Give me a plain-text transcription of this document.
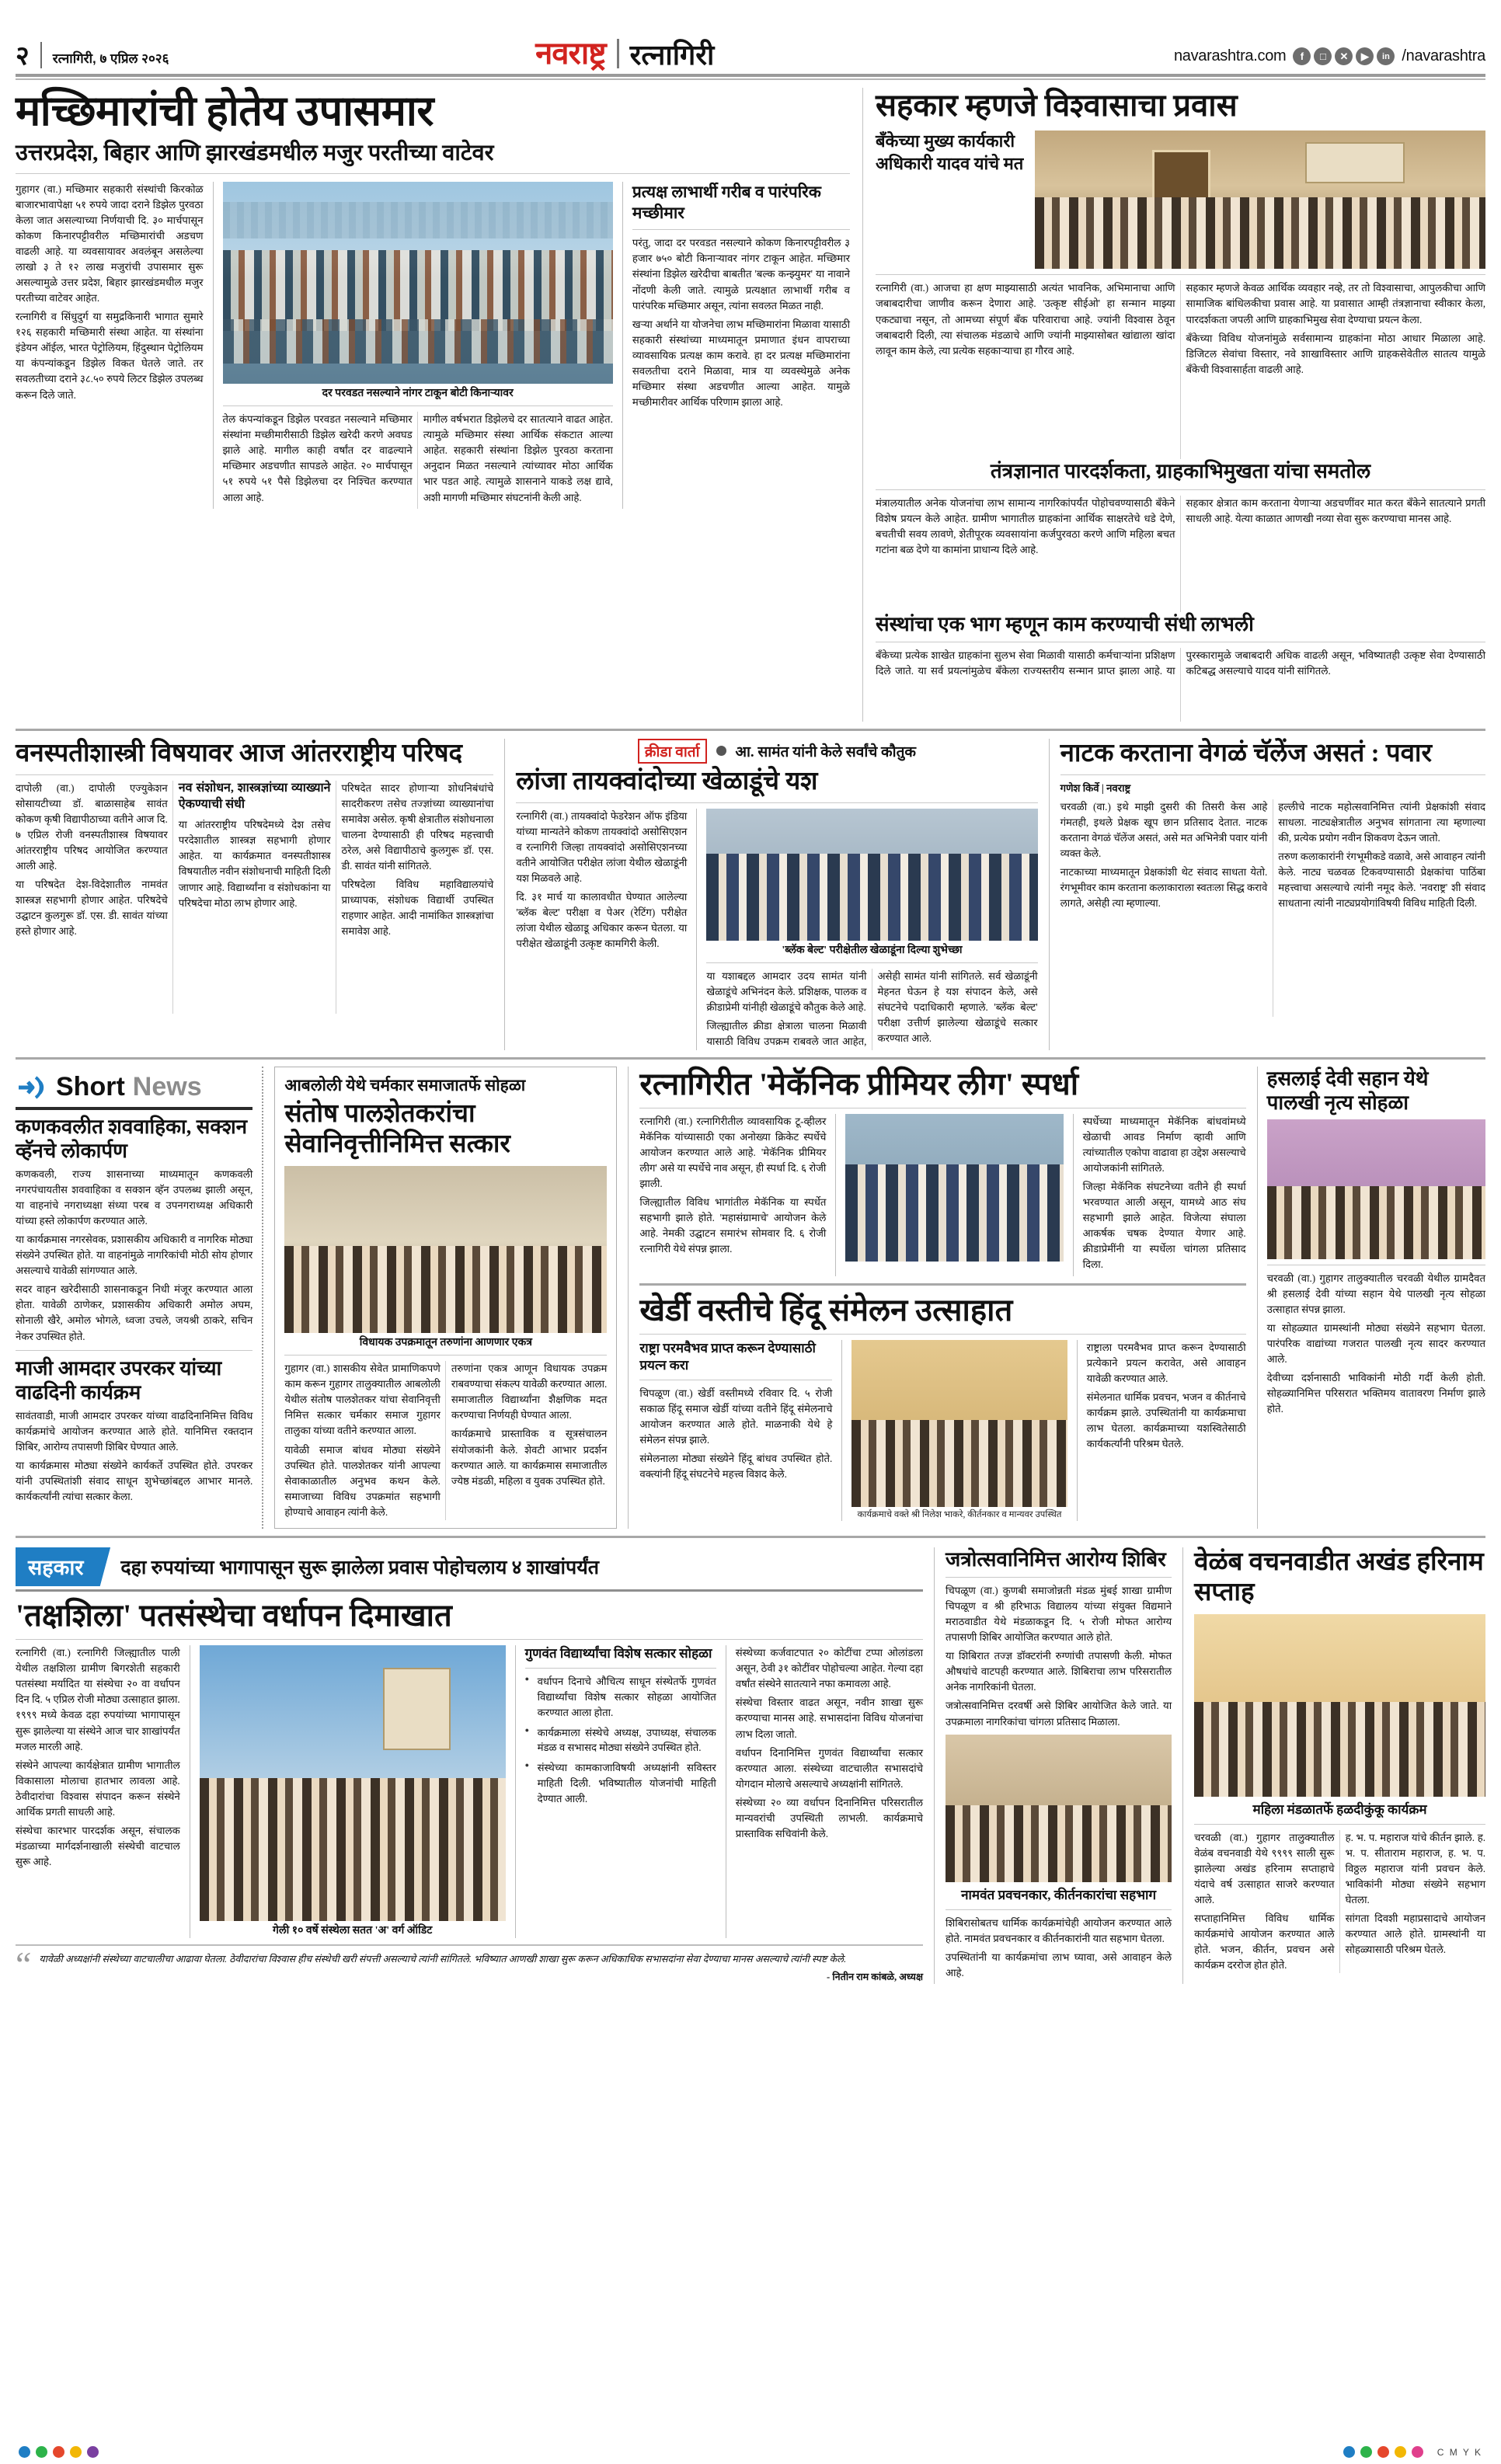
२ रत्नागिरी, ७ एप्रिल २०२६	नवराष्ट्र रत्नागिरी	navarashtra.com	f	□	✕	▶	in /navarashtra
मच्छिमारांची होतेय उपासमार
उत्तरप्रदेश, बिहार आणि झारखंडमधील मजुर परतीच्या वाटेवर

गुहागर (वा.) मच्छिमार सहकारी संस्थांची किरकोळ बाजारभावापेक्षा ५१ रुपये जादा दराने डिझेल पुरवठा केला जात असल्याच्या निर्णयाची दि. ३० मार्चपासून कोकण किनारपट्टीवरील मच्छिमारांची अडचण वाढली आहे. या व्यवसायावर अवलंबून असलेल्या लाखो ३ ते १२ लाख मजुरांची उपासमार सुरू असल्यामुळे उत्तर प्रदेश, बिहार झारखंडमधील मजुर परतीच्या वाटेवर आहेत.

रत्नागिरी व सिंधुदुर्ग या समुद्रकिनारी भागात सुमारे १२६ सहकारी मच्छिमारी संस्था आहेत. या संस्थांना इंडेयन ऑईल, भारत पेट्रोलियम, हिंदुस्थान पेट्रोलियम या कंपन्यांकडून डिझेल विकत घेतले जाते. तर सवलतीच्या दराने ३८.५० रुपये लिटर डिझेल उपलब्ध करून दिले जाते.	दर परवडत नसल्याने नांगर टाकून बोटी किनाऱ्यावर

तेल कंपन्यांकडून डिझेल परवडत नसल्याने मच्छिमार संस्थांना मच्छीमारीसाठी डिझेल खरेदी करणे अवघड झाले आहे. मागील काही वर्षांत दर वाढल्याने मच्छिमार अडचणीत सापडले आहेत. २० मार्चपासून ५१ रुपये ५१ पैसे डिझेलचा दर निश्चित करण्यात आला आहे.

मागील वर्षभरात डिझेलचे दर सातत्याने वाढत आहेत. त्यामुळे मच्छिमार संस्था आर्थिक संकटात आल्या आहेत. सहकारी संस्थांना डिझेल पुरवठा करताना अनुदान मिळत नसल्याने त्यांच्यावर मोठा आर्थिक भार पडत आहे. त्यामुळे शासनाने याकडे लक्ष द्यावे, अशी मागणी मच्छिमार संघटनांनी केली आहे.

प्रत्यक्ष लाभार्थी गरीब व पारंपरिक मच्छीमार

परंतु, जादा दर परवडत नसल्याने कोकण किनारपट्टीवरील ३ हजार ७५० बोटी किनाऱ्यावर नांगर टाकून आहेत. मच्छिमार संस्थांना डिझेल खरेदीचा बाबतीत 'बल्क कन्झ्युमर' या नावाने नोंदणी केली जाते. त्यामुळे प्रत्यक्षात लाभार्थी गरीब व पारंपरिक मच्छिमार असून, त्यांना सवलत मिळत नाही.

खऱ्या अर्थाने या योजनेचा लाभ मच्छिमारांना मिळावा यासाठी सहकारी संस्थांच्या माध्यमातून प्रमाणात इंधन वापराच्या व्यावसायिक प्रत्यक्ष काम करावे. हा दर प्रत्यक्ष मच्छिमारांना सवलतीचा दराने मिळावा, मात्र या व्यवस्थेमुळे अनेक मच्छिमार संस्था अडचणीत आल्या आहेत. यामुळे मच्छीमारीवर आर्थिक परिणाम झाला आहे.

सहकार म्हणजे विश्वासाचा प्रवास
बँकेच्या मुख्य कार्यकारी अधिकारी यादव यांचे मत

रत्नागिरी (वा.) आजचा हा क्षण माझ्यासाठी अत्यंत भावनिक, अभिमानाचा आणि जबाबदारीचा जाणीव करून देणारा आहे. 'उत्कृष्ट सीईओ' हा सन्मान माझ्या एकट्याचा नसून, तो आमच्या संपूर्ण बँक परिवाराचा आहे. ज्यांनी विश्वास ठेवून जबाबदारी दिली, त्या संचालक मंडळाचे आणि ज्यांनी माझ्यासोबत खांद्याला खांदा लावून काम केले, त्या प्रत्येक सहकाऱ्याचा हा गौरव आहे.

सहकार म्हणजे केवळ आर्थिक व्यवहार नव्हे, तर तो विश्वासाचा, आपुलकीचा आणि सामाजिक बांधिलकीचा प्रवास आहे. या प्रवासात आम्ही तंत्रज्ञानाचा स्वीकार केला, पारदर्शकता जपली आणि ग्राहकाभिमुख सेवा देण्याचा प्रयत्न केला.

बँकेच्या विविध योजनांमुळे सर्वसामान्य ग्राहकांना मोठा आधार मिळाला आहे. डिजिटल सेवांचा विस्तार, नवे शाखाविस्तार आणि ग्राहकसेवेतील सातत्य यामुळे बँकेची विश्वासार्हता वाढली आहे.

तंत्रज्ञानात पारदर्शकता, ग्राहकाभिमुखता यांचा समतोल

मंत्रालयातील अनेक योजनांचा लाभ सामान्य नागरिकांपर्यंत पोहोचवण्यासाठी बँकेने विशेष प्रयत्न केले आहेत. ग्रामीण भागातील ग्राहकांना आर्थिक साक्षरतेचे धडे देणे, बचतीची सवय लावणे, शेतीपूरक व्यवसायांना कर्जपुरवठा करणे आणि महिला बचत गटांना बळ देणे या कामांना प्राधान्य दिले आहे.

सहकार क्षेत्रात काम करताना येणाऱ्या अडचणींवर मात करत बँकेने सातत्याने प्रगती साधली आहे. येत्या काळात आणखी नव्या सेवा सुरू करण्याचा मानस आहे.

संस्थांचा एक भाग म्हणून काम करण्याची संधी लाभली

बँकेच्या प्रत्येक शाखेत ग्राहकांना सुलभ सेवा मिळावी यासाठी कर्मचाऱ्यांना प्रशिक्षण दिले जाते. या सर्व प्रयत्नांमुळेच बँकेला राज्यस्तरीय सन्मान प्राप्त झाला आहे. या पुरस्कारामुळे जबाबदारी अधिक वाढली असून, भविष्यातही उत्कृष्ट सेवा देण्यासाठी कटिबद्ध असल्याचे यादव यांनी सांगितले.

वनस्पतीशास्त्री विषयावर आज आंतरराष्ट्रीय परिषद

दापोली (वा.) दापोली एज्युकेशन सोसायटीच्या डॉ. बाळासाहेब सावंत कोकण कृषी विद्यापीठाच्या वतीने आज दि. ७ एप्रिल रोजी वनस्पतीशास्त्र विषयावर आंतरराष्ट्रीय परिषद आयोजित करण्यात आली आहे.

या परिषदेत देश-विदेशातील नामवंत शास्त्रज्ञ सहभागी होणार आहेत. परिषदेचे उद्घाटन कुलगुरू डॉ. एस. डी. सावंत यांच्या हस्ते होणार आहे.

नव संशोधन, शास्त्रज्ञांच्या व्याख्याने ऐकण्याची संधी

या आंतरराष्ट्रीय परिषदेमध्ये देश तसेच परदेशातील शास्त्रज्ञ सहभागी होणार आहेत. या कार्यक्रमात वनस्पतीशास्त्र विषयातील नवीन संशोधनाची माहिती दिली जाणार आहे. विद्यार्थ्यांना व संशोधकांना या परिषदेचा मोठा लाभ होणार आहे.

परिषदेत सादर होणाऱ्या शोधनिबंधांचे सादरीकरण तसेच तज्ज्ञांच्या व्याख्यानांचा समावेश असेल. कृषी क्षेत्रातील संशोधनाला चालना देण्यासाठी ही परिषद महत्त्वाची ठरेल, असे विद्यापीठाचे कुलगुरू डॉ. एस. डी. सावंत यांनी सांगितले.

परिषदेला विविध महाविद्यालयांचे प्राध्यापक, संशोधक विद्यार्थी उपस्थित राहणार आहेत. आदी नामांकित शास्त्रज्ञांचा समावेश आहे.

क्रीडा वार्ता आ. सामंत यांनी केले सर्वांचे कौतुक
लांजा तायक्वांदोच्या खेळाडूंचे यश

रत्नागिरी (वा.) तायक्वांदो फेडरेशन ऑफ इंडिया यांच्या मान्यतेने कोकण तायक्वांदो असोसिएशन व रत्नागिरी जिल्हा तायक्वांदो असोसिएशनच्या वतीने आयोजित परीक्षेत लांजा येथील खेळाडूंनी यश मिळवले आहे.

दि. ३१ मार्च या कालावधीत घेण्यात आलेल्या 'ब्लॅक बेल्ट' परीक्षा व पेअर (रेटिंग) परीक्षेत लांजा येथील खेळाडू अधिकार करून घेतला. या परीक्षेत खेळाडूंनी उत्कृष्ट कामगिरी केली.

'ब्लॅक बेल्ट' परीक्षेतील खेळाडूंना दिल्या शुभेच्छा

या यशाबद्दल आमदार उदय सामंत यांनी खेळाडूंचे अभिनंदन केले. प्रशिक्षक, पालक व क्रीडाप्रेमी यांनीही खेळाडूंचे कौतुक केले आहे.

जिल्ह्यातील क्रीडा क्षेत्राला चालना मिळावी यासाठी विविध उपक्रम राबवले जात आहेत, असेही सामंत यांनी सांगितले. सर्व खेळाडूंनी मेहनत घेऊन हे यश संपादन केले, असे संघटनेचे पदाधिकारी म्हणाले. 'ब्लॅक बेल्ट' परीक्षा उत्तीर्ण झालेल्या खेळाडूंचे सत्कार करण्यात आले.

नाटक करताना वेगळं चॅलेंज असतं : पवार
गणेश किर्वे | नवराष्ट्र

चरवळी (वा.) इथे माझी दुसरी की तिसरी केस आहे गंमतही, इथले प्रेक्षक खूप छान प्रतिसाद देतात. नाटक करताना वेगळं चॅलेंज असतं, असे मत अभिनेत्री पवार यांनी व्यक्त केले.

नाटकाच्या माध्यमातून प्रेक्षकांशी थेट संवाद साधता येतो. रंगभूमीवर काम करताना कलाकाराला स्वतःला सिद्ध करावे लागते, असेही त्या म्हणाल्या.

हल्लीचे नाटक महोत्सवानिमित्त त्यांनी प्रेक्षकांशी संवाद साधला. नाट्यक्षेत्रातील अनुभव सांगताना त्या म्हणाल्या की, प्रत्येक प्रयोग नवीन शिकवण देऊन जातो.

तरुण कलाकारांनी रंगभूमीकडे वळावे, असे आवाहन त्यांनी केले. नाट्य चळवळ टिकवण्यासाठी प्रेक्षकांचा पाठिंबा महत्त्वाचा असल्याचे त्यांनी नमूद केले. 'नवराष्ट्र' शी संवाद साधताना त्यांनी नाट्यप्रयोगांविषयी विविध माहिती दिली.

Short News
कणकवलीत शववाहिका, सक्शन व्हॅनचे लोकार्पण

कणकवली, राज्य शासनाच्या माध्यमातून कणकवली नगरपंचायतीस शववाहिका व सक्शन व्हॅन उपलब्ध झाली असून, या वाहनांचे नगराध्यक्षा संध्या परब व उपनगराध्यक्ष अधिकारी यांच्या हस्ते लोकार्पण करण्यात आले.

या कार्यक्रमास नगरसेवक, प्रशासकीय अधिकारी व नागरिक मोठ्या संख्येने उपस्थित होते. या वाहनांमुळे नागरिकांची मोठी सोय होणार असल्याचे यावेळी सांगण्यात आले.

सदर वाहन खरेदीसाठी शासनाकडून निधी मंजूर करण्यात आला होता. यावेळी ठाणेकर, प्रशासकीय अधिकारी अमोल अघम, सोनाली खैरे, अमोल भोगले, ध्वजा उचले, जयश्री ठाकरे, सचिन नेकर उपस्थित होते.

माजी आमदार उपरकर यांच्या वाढदिनी कार्यक्रम

सावंतवाडी, माजी आमदार उपरकर यांच्या वाढदिनानिमित्त विविध कार्यक्रमांचे आयोजन करण्यात आले होते. यानिमित्त रक्तदान शिबिर, आरोग्य तपासणी शिबिर घेण्यात आले.

या कार्यक्रमास मोठ्या संख्येने कार्यकर्ते उपस्थित होते. उपरकर यांनी उपस्थितांशी संवाद साधून शुभेच्छांबद्दल आभार मानले. कार्यकर्त्यांनी त्यांचा सत्कार केला.

आबलोली येथे चर्मकार समाजातर्फे सोहळा
संतोष पालशेतकरांचा सेवानिवृत्तीनिमित्त सत्कार
विधायक उपक्रमातून तरुणांना आणणार एकत्र

गुहागर (वा.) शासकीय सेवेत प्रामाणिकपणे काम करून गुहागर तालुक्यातील आबलोली येथील संतोष पालशेतकर यांचा सेवानिवृत्ती निमित्त सत्कार चर्मकार समाज गुहागर तालुका यांच्या वतीने करण्यात आला.

यावेळी समाज बांधव मोठ्या संख्येने उपस्थित होते. पालशेतकर यांनी आपल्या सेवाकाळातील अनुभव कथन केले. समाजाच्या विविध उपक्रमांत सहभागी होण्याचे आवाहन त्यांनी केले.

तरुणांना एकत्र आणून विधायक उपक्रम राबवण्याचा संकल्प यावेळी करण्यात आला. समाजातील विद्यार्थ्यांना शैक्षणिक मदत करण्याचा निर्णयही घेण्यात आला.

कार्यक्रमाचे प्रास्ताविक व सूत्रसंचालन संयोजकांनी केले. शेवटी आभार प्रदर्शन करण्यात आले. या कार्यक्रमास समाजातील ज्येष्ठ मंडळी, महिला व युवक उपस्थित होते.

रत्नागिरीत 'मेकॅनिक प्रीमियर लीग' स्पर्धा

रत्नागिरी (वा.) रत्नागिरीतील व्यावसायिक टू-व्हीलर मेकॅनिक यांच्यासाठी एका अनोख्या क्रिकेट स्पर्धेचे आयोजन करण्यात आले आहे. 'मेकॅनिक प्रीमियर लीग' असे या स्पर्धेचे नाव असून, ही स्पर्धा दि. ६ रोजी झाली.

जिल्ह्यातील विविध भागांतील मेकॅनिक या स्पर्धेत सहभागी झाले होते. 'महासंग्रामाचे' आयोजन केले आहे. नेमकी उद्घाटन समारंभ सोमवार दि. ६ रोजी रत्नागिरी येथे संपन्न झाला.

स्पर्धेच्या माध्यमातून मेकॅनिक बांधवांमध्ये खेळाची आवड निर्माण व्हावी आणि त्यांच्यातील एकोपा वाढावा हा उद्देश असल्याचे आयोजकांनी सांगितले.

जिल्हा मेकॅनिक संघटनेच्या वतीने ही स्पर्धा भरवण्यात आली असून, यामध्ये आठ संघ सहभागी झाले आहेत. विजेत्या संघाला आकर्षक चषक देण्यात येणार आहे. क्रीडाप्रेमींनी या स्पर्धेला चांगला प्रतिसाद दिला.

खेर्डी वस्तीचे हिंदू संमेलन उत्साहात
राष्ट्रा परमवैभव प्राप्त करून देण्यासाठी प्रयत्न करा

चिपळूण (वा.) खेर्डी वस्तीमध्ये रविवार दि. ५ रोजी सकाळ हिंदू समाज खेर्डी यांच्या वतीने हिंदू संमेलनाचे आयोजन करण्यात आले होते. माळनाकी येथे हे संमेलन संपन्न झाले.

संमेलनाला मोठ्या संख्येने हिंदू बांधव उपस्थित होते. वक्त्यांनी हिंदू संघटनेचे महत्त्व विशद केले.

कार्यक्रमाचे वक्ते श्री निलेश भाकरे, कीर्तनकार व मान्यवर उपस्थित

राष्ट्राला परमवैभव प्राप्त करून देण्यासाठी प्रत्येकाने प्रयत्न करावेत, असे आवाहन यावेळी करण्यात आले.

संमेलनात धार्मिक प्रवचन, भजन व कीर्तनाचे कार्यक्रम झाले. उपस्थितांनी या कार्यक्रमाचा लाभ घेतला. कार्यक्रमाच्या यशस्वितेसाठी कार्यकर्त्यांनी परिश्रम घेतले.

हसलाई देवी सहान येथे पालखी नृत्य सोहळा

चरवळी (वा.) गुहागर तालुक्यातील चरवळी येथील ग्रामदैवत श्री हसलाई देवी यांच्या सहान येथे पालखी नृत्य सोहळा उत्साहात संपन्न झाला.

या सोहळ्यात ग्रामस्थांनी मोठ्या संख्येने सहभाग घेतला. पारंपरिक वाद्यांच्या गजरात पालखी नृत्य सादर करण्यात आले.

देवीच्या दर्शनासाठी भाविकांनी मोठी गर्दी केली होती. सोहळ्यानिमित्त परिसरात भक्तिमय वातावरण निर्माण झाले होते.

सहकार	दहा रुपयांच्या भागापासून सुरू झालेला प्रवास पोहोचलाय ४ शाखांपर्यंत
'तक्षशिला' पतसंस्थेचा वर्धापन दिमाखात

रत्नागिरी (वा.) रत्नागिरी जिल्ह्यातील पाली येथील तक्षशिला ग्रामीण बिगरशेती सहकारी पतसंस्था मर्यादित या संस्थेचा २० वा वर्धापन दिन दि. ५ एप्रिल रोजी मोठ्या उत्साहात झाला. १९९९ मध्ये केवळ दहा रुपयांच्या भागापासून सुरू झालेल्या या संस्थेने आज चार शाखांपर्यंत मजल मारली आहे.

संस्थेने आपल्या कार्यक्षेत्रात ग्रामीण भागातील विकासाला मोलाचा हातभार लावला आहे. ठेवीदारांचा विश्वास संपादन करून संस्थेने आर्थिक प्रगती साधली आहे.

संस्थेचा कारभार पारदर्शक असून, संचालक मंडळाच्या मार्गदर्शनाखाली संस्थेची वाटचाल सुरू आहे.

गेली १० वर्षे संस्थेला सतत 'अ' वर्ग ऑडिट
गुणवंत विद्यार्थ्यांचा विशेष सत्कार सोहळा
● वर्धापन दिनाचे औचित्य साधून संस्थेतर्फे गुणवंत विद्यार्थ्यांचा विशेष सत्कार सोहळा आयोजित करण्यात आला होता.
● कार्यक्रमाला संस्थेचे अध्यक्ष, उपाध्यक्ष, संचालक मंडळ व सभासद मोठ्या संख्येने उपस्थित होते.
● संस्थेच्या कामकाजाविषयी अध्यक्षांनी सविस्तर माहिती दिली. भविष्यातील योजनांची माहिती देण्यात आली.

संस्थेच्या कर्जवाटपात २० कोटींचा टप्पा ओलांडला असून, ठेवी ३१ कोटींवर पोहोचल्या आहेत. गेल्या दहा वर्षांत संस्थेने सातत्याने नफा कमावला आहे.

संस्थेचा विस्तार वाढत असून, नवीन शाखा सुरू करण्याचा मानस आहे. सभासदांना विविध योजनांचा लाभ दिला जातो.

वर्धापन दिनानिमित्त गुणवंत विद्यार्थ्यांचा सत्कार करण्यात आला. संस्थेच्या वाटचालीत सभासदांचे योगदान मोलाचे असल्याचे अध्यक्षांनी सांगितले.

संस्थेच्या २० व्या वर्धापन दिनानिमित्त परिसरातील मान्यवरांची उपस्थिती लाभली. कार्यक्रमाचे प्रास्ताविक सचिवांनी केले.

“ यावेळी अध्यक्षांनी संस्थेच्या वाटचालीचा आढावा घेतला. ठेवीदारांचा विश्वास हीच संस्थेची खरी संपत्ती असल्याचे त्यांनी सांगितले. भविष्यात आणखी शाखा सुरू करून अधिकाधिक सभासदांना सेवा देण्याचा मानस असल्याचे त्यांनी स्पष्ट केले.
- नितीन राम कांबळे, अध्यक्ष
जत्रोत्सवानिमित्त आरोग्य शिबिर

चिपळूण (वा.) कुणबी समाजोन्नती मंडळ मुंबई शाखा ग्रामीण चिपळूण व श्री हरिभाऊ विद्यालय यांच्या संयुक्त विद्यमाने मराठवाडीत येथे मंडळाकडून दि. ५ रोजी मोफत आरोग्य तपासणी शिबिर आयोजित करण्यात आले होते.

या शिबिरात तज्ज्ञ डॉक्टरांनी रुग्णांची तपासणी केली. मोफत औषधांचे वाटपही करण्यात आले. शिबिराचा लाभ परिसरातील अनेक नागरिकांनी घेतला.

जत्रोत्सवानिमित्त दरवर्षी असे शिबिर आयोजित केले जाते. या उपक्रमाला नागरिकांचा चांगला प्रतिसाद मिळाला.

नामवंत प्रवचनकार, कीर्तनकारांचा सहभाग

शिबिरासोबतच धार्मिक कार्यक्रमांचेही आयोजन करण्यात आले होते. नामवंत प्रवचनकार व कीर्तनकारांनी यात सहभाग घेतला.

उपस्थितांनी या कार्यक्रमांचा लाभ घ्यावा, असे आवाहन केले आहे.

वेळंब वचनवाडीत अखंड हरिनाम सप्ताह
महिला मंडळातर्फे हळदीकुंकू कार्यक्रम

चरवळी (वा.) गुहागर तालुक्यातील वेळंब वचनवाडी येथे ९९९९ साली सुरू झालेल्या अखंड हरिनाम सप्ताहाचे यंदाचे वर्ष उत्साहात साजरे करण्यात आले.

सप्ताहानिमित्त विविध धार्मिक कार्यक्रमांचे आयोजन करण्यात आले होते. भजन, कीर्तन, प्रवचन असे कार्यक्रम दररोज होत होते.

ह. भ. प. महाराज यांचे कीर्तन झाले. ह. भ. प. सीताराम महाराज, ह. भ. प. विठ्ठल महाराज यांनी प्रवचन केले. भाविकांनी मोठ्या संख्येने सहभाग घेतला.

सांगता दिवशी महाप्रसादाचे आयोजन करण्यात आले होते. ग्रामस्थांनी या सोहळ्यासाठी परिश्रम घेतले.

C M Y K
